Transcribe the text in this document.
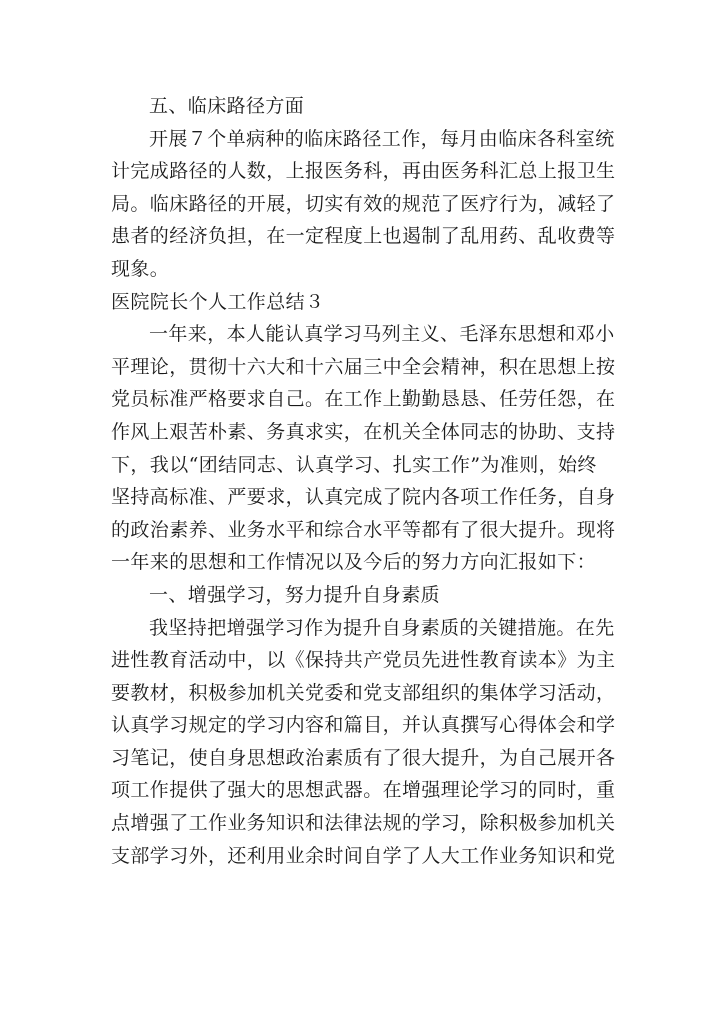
五、临床路径方面
开展７个单病种的临床路径工作，每月由临床各科室统
计完成路径的人数，上报医务科，再由医务科汇总上报卫生
局。临床路径的开展，切实有效的规范了医疗行为，减轻了
患者的经济负担，在一定程度上也遏制了乱用药、乱收费等
现象。
医院院长个人工作总结３
一年来，本人能认真学习马列主义、毛泽东思想和邓小
平理论，贯彻十六大和十六届三中全会精神，积在思想上按
党员标准严格要求自己。在工作上勤勤恳恳、任劳任怨，在
作风上艰苦朴素、务真求实，在机关全体同志的协助、支持
下，我以“团结同志、认真学习、扎实工作”为准则，始终
坚持高标准、严要求，认真完成了院内各项工作任务，自身
的政治素养、业务水平和综合水平等都有了很大提升。现将
一年来的思想和工作情况以及今后的努力方向汇报如下：
一、增强学习，努力提升自身素质
我坚持把增强学习作为提升自身素质的关键措施。在先
进性教育活动中，以《保持共产党员先进性教育读本》为主
要教材，积极参加机关党委和党支部组织的集体学习活动，
认真学习规定的学习内容和篇目，并认真撰写心得体会和学
习笔记，使自身思想政治素质有了很大提升，为自己展开各
项工作提供了强大的思想武器。在增强理论学习的同时，重
点增强了工作业务知识和法律法规的学习，除积极参加机关
支部学习外，还利用业余时间自学了人大工作业务知识和党
